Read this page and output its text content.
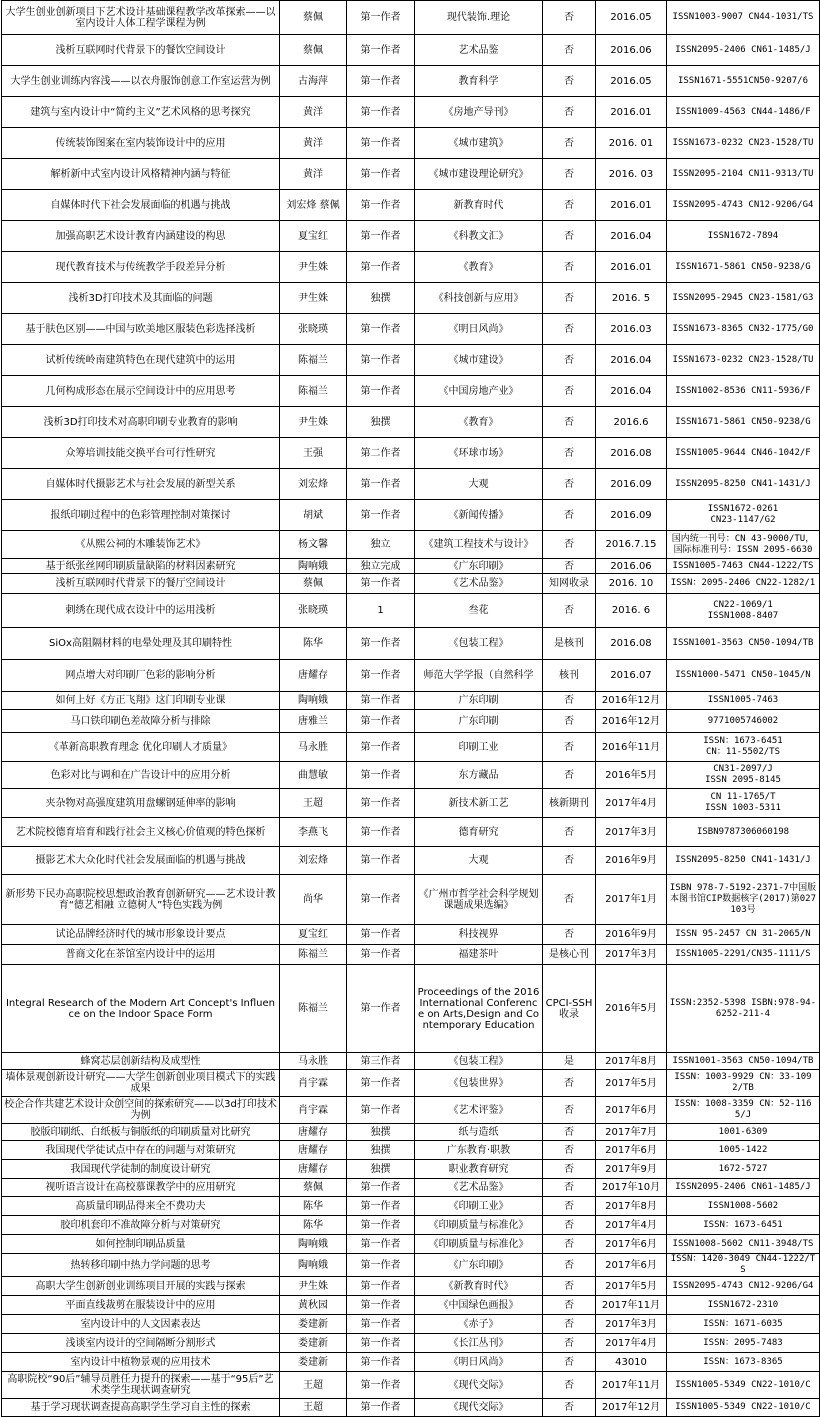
大学生创业创新项目下艺术设计基础课程教学改革探索——以室内设计人体工程学课程为例	蔡佩	第一作者	现代装饰.理论	否	2016.05	ISSN1003-9007 CN44-1031/TS
浅析互联网时代背景下的餐饮空间设计	蔡佩	第一作者	艺术品鉴	否	2016.06	ISSN2095-2406 CN61-1485/J
大学生创业训练内容浅——以衣舟服饰创意工作室运营为例	古海萍	第一作者	教育科学	否	2016.05	ISSN1671-5551CN50-9207/6
建筑与室内设计中“简约主义”艺术风格的思考探究	黄洋	第一作者	《房地产导刊》	否	2016.01	ISSN1009-4563 CN44-1486/F
传统装饰图案在室内装饰设计中的应用	黄洋	第一作者	《城市建筑》	否	2016. 01	ISSN1673-0232 CN23-1528/TU
解析新中式室内设计风格精神内涵与特征	黄洋	第一作者	《城市建设理论研究》	否	2016. 03	ISSN2095-2104 CN11-9313/TU
自媒体时代下社会发展面临的机遇与挑战	刘宏烽 蔡佩	第一作者	新教育时代	否	2016.01	ISSN2095-4743 CN12-9206/G4
加强高职艺术设计教育内涵建设的构思	夏宝红	第一作者	《科教文汇》	否	2016.04	ISSN1672-7894
现代教育技术与传统教学手段差异分析	尹生姝	第一作者	《教育》	否	2016.01	ISSN1671-5861 CN50-9238/G
浅析3D打印技术及其面临的问题	尹生姝	独撰	《科技创新与应用》	否	2016. 5	ISSN2095-2945 CN23-1581/G3
基于肤色区别——中国与欧美地区服装色彩选择浅析	张晓瑛	第一作者	《明日风尚》	否	2016.03	ISSN1673-8365 CN32-1775/G0
试析传统岭南建筑特色在现代建筑中的运用	陈福兰	第一作者	《城市建设》	否	2016.04	ISSN1673-0232 CN23-1528/TU
几何构成形态在展示空间设计中的应用思考	陈福兰	第一作者	《中国房地产业》	否	2016.04	ISSN1002-8536 CN11-5936/F
浅析3D打印技术对高职印刷专业教育的影响	尹生姝	独撰	《教育》	否	2016.6	ISSN1671-5861 CN50-9238/G
众筹培训技能交换平台可行性研究	王强	第二作者	《环球市场》	否	2016.08	ISSN1005-9644 CN46-1042/F
自媒体时代摄影艺术与社会发展的新型关系	刘宏烽	第一作者	大观	否	2016.09	ISSN2095-8250 CN41-1431/J
报纸印刷过程中的色彩管理控制对策探讨	胡斌	第一作者	《新闻传播》	否	2016.09	ISSN1672-0261
CN23-1147/G2
《从熙公祠的木雕装饰艺术》	杨文馨	独立	《建筑工程技术与设计》	否	2016.7.15	国内统一刊号：CN 43-9000/TU，国际标准刊号：ISSN 2095-6630
基于纸张丝网印刷质量缺陷的材料因素研究	陶响娥	独立完成	《广东印刷》	否	2016.06	ISSN1005-7463 CN44-1222/TS
浅析互联网时代背景下的餐厅空间设计	蔡佩	第一作者	《艺术品鉴》	知网收录	2016. 10	ISSN：2095-2406 CN22-1282/1
刺绣在现代成衣设计中的运用浅析	张晓瑛	1	叁花	否	2016. 6	CN22-1069/1
ISSN1008-8407
SiOx高阻隔材料的电晕处理及其印刷特性	陈华	第一作者	《包装工程》	是核刊	2016.08	ISSN1001-3563 CN50-1094/TB
网点增大对印刷厂色彩的影响分析	唐耀存	第一作者	师范大学学报（自然科学	核刊	2016.07	ISSN1000-5471 CN50-1045/N
如何上好《方正飞翔》这门印刷专业课	陶响娥	第一作者	广东印刷	否	2016年12月	ISSN1005-7463
马口铁印刷色差故障分析与排除	唐雅兰	第一作者	广东印刷	否	2016年12月	9771005746002
《革新高职教育理念 优化印刷人才质量》	马永胜	第一作者	印刷工业	否	2016年11月	ISSN：1673-6451
CN：11-5502/TS
色彩对比与调和在广告设计中的应用分析	曲慧敏	第一作者	东方藏品	否	2016年5月	CN31-2097/J
ISSN 2095-8145
夹杂物对高强度建筑用盘螺钢延伸率的影响	王超	第一作者	新技术新工艺	核新期刊	2017年4月	CN 11-1765/T
ISSN 1003-5311
艺术院校德育培育和践行社会主义核心价值观的特色探析	李燕飞	第一作者	德育研究	否	2017年3月	ISBN9787306060198
摄影艺术大众化时代社会发展面临的机遇与挑战	刘宏烽	第一作者	大观	否	2016年9月	ISSN2095-8250 CN41-1431/J
新形势下民办高职院校思想政治教育创新研究——艺术设计教育“德艺相融 立德树人”特色实践为例	尚华	第一作者	《广州市哲学社会科学规划课题成果选编》	否	2017年1月	ISBN 978-7-5192-2371-7中国版本图书馆CIP数据核字(2017)第027103号
试论品牌经济时代的城市形象设计要点	夏宝红	第一作者	科技视界	否	2016年9月	ISSN 95-2457 CN 31-2065/N
普商文化在茶馆室内设计中的运用	陈福兰	第一作者	福建茶叶	是核心刊	2017年3月	ISSN1005-2291/CN35-1111/S
Integral Research of the Modern Art Concept's Influence on the Indoor Space Form	陈福兰	第一作者	Proceedings of the 2016 International Conference on Arts,Design and Contemporary Education	CPCI-SSH收录	2016年5月	ISSN:2352-5398 ISBN:978-94-6252-211-4
蜂窝芯层创新结构及成型性	马永胜	第三作者	《包装工程》	是	2017年8月	ISSN1001-3563 CN50-1094/TB
墙体景观创新设计研究——大学生创新创业项目模式下的实践成果	肖宇霖	第一作者	《包装世界》	否	2017年5月	ISSN：1003-9929 CN：33-1092/TB
校企合作共建艺术设计众创空间的探索研究——以3d打印技术为例	肖宇霖	第一作者	《艺术评鉴》	否	2017年6月	ISSN：1008-3359 CN：52-1165/J
胶版印刷纸、白纸板与铜版纸的印刷质量对比研究	唐耀存	独撰	纸与造纸	否	2017年7月	1001-6309
我国现代学徒试点中存在的问题与对策研究	唐耀存	独撰	广东教育·职教	否	2017年6月	1005-1422
我国现代学徒制的制度设计研究	唐耀存	独撰	职业教育研究	否	2017年9月	1672-5727
视听语言设计在高校慕课教学中的应用研究	蔡佩	第一作者	《艺术品鉴》	否	2017年10月	ISSN2095-2406 CN61-1485/J
高质量印刷品得来全不费功夫	陈华	第一作者	《印刷工业》	否	2017年8月	ISSN1008-5602
胶印机套印不准故障分析与对策研究	陈华	第一作者	《印刷质量与标准化》	否	2017年4月	ISSN：1673-6451
如何控制印刷品质量	陶响娥	第一作者	《印刷质量与标准化》	否	2017年6月	ISSN1008-5602 CN11-3948/TS
热转移印刷中热力学问题的思考	陶响娥	第一作者	《广东印刷》	否	2017年6月	ISSN：1420-3049 CN44-1222/TS
高职大学生创新创业训练项目开展的实践与探索	尹生姝	第一作者	《新教育时代》	否	2017年5月	ISSN2095-4743 CN12-9206/G4
平面直线裁剪在服装设计中的应用	黄秋园	第一作者	《中国绿色画报》	否	2017年11月	ISSN1672-2310
室内设计中的人文因素表达	娄建新	第一作者	《赤子》	否	2017年3月	ISSN：1671-6035
浅谈室内设计的空间隔断分割形式	娄建新	第一作者	《长江丛刊》	否	2017年4月	ISSN：2095-7483
室内设计中植物景观的应用技术	娄建新	第一作者	《明日风尚》	否	43010	ISSN：1673-8365
高职院校“90后”辅导员胜任力提升的探索——基于“95后”艺术类学生现状调查研究	王超	第一作者	《现代交际》	否	2017年11月	ISSN1005-5349 CN22-1010/C
基于学习现状调查提高高职学生学习自主性的探索	王超	第一作者	《现代交际》	否	2017年12月	ISSN1005-5349 CN22-1010/C
